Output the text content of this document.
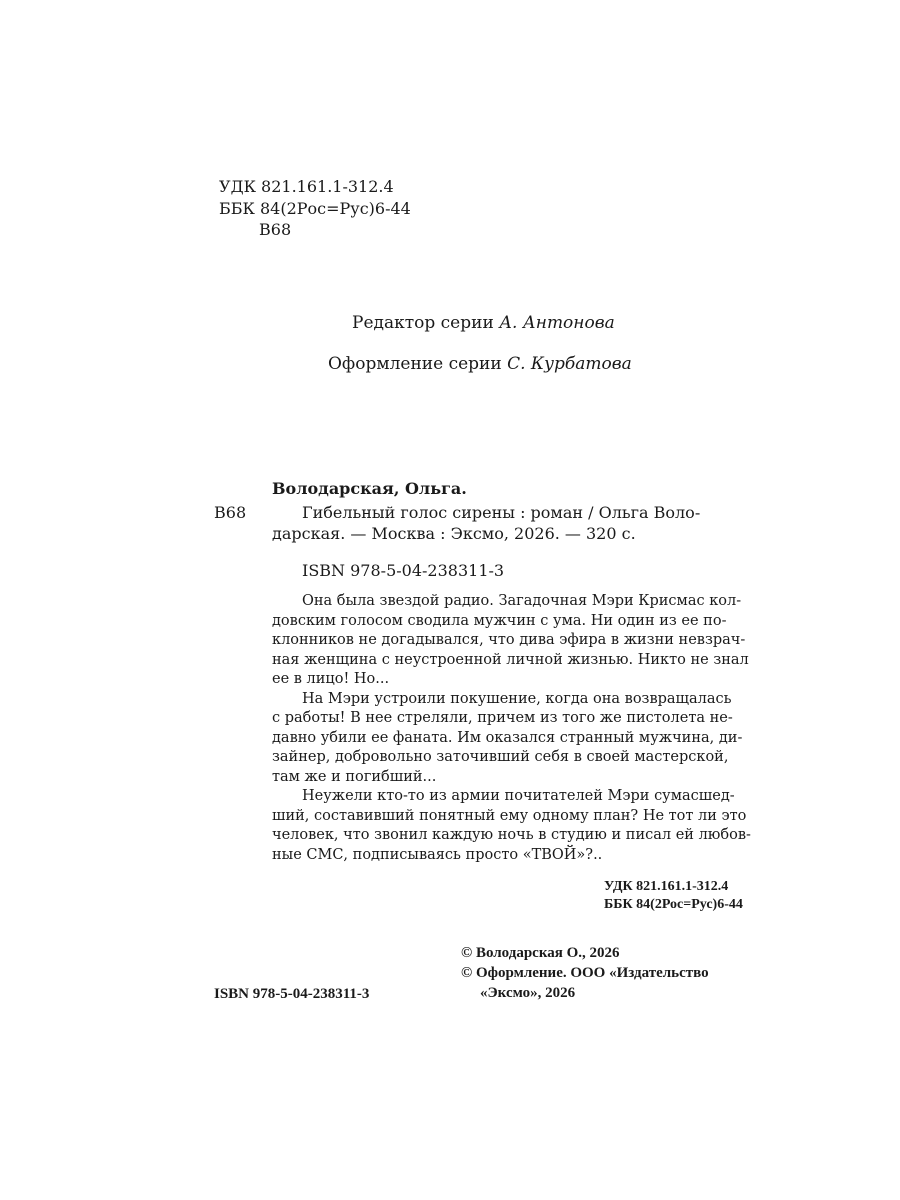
УДК 821.161.1-312.4
ББК 84(2Рос=Рус)6-44
В68
Редактор серии А. Антонова
Оформление серии С. Курбатова
Володарская, Ольга.
В68	Гибельный голос сирены : роман / Ольга Воло-
дарская. — Москва : Эксмо, 2026. — 320 с.
ISBN 978-5-04-238311-3
Она была звездой радио. Загадочная Мэри Крисмас кол-
довским голосом сводила мужчин с ума. Ни один из ее по-
клонников не догадывался, что дива эфира в жизни невзрач-
ная женщина с неустроенной личной жизнью. Никто не знал
ее в лицо! Но...
На Мэри устроили покушение, когда она возвращалась
с работы! В нее стреляли, причем из того же пистолета не-
давно убили ее фаната. Им оказался странный мужчина, ди-
зайнер, добровольно заточивший себя в своей мастерской,
там же и погибший...
Неужели кто-то из армии почитателей Мэри сумасшед-
ший, составивший понятный ему одному план? Не тот ли это
человек, что звонил каждую ночь в студию и писал ей любов-
ные СМС, подписываясь просто «ТВОЙ»?..
УДК 821.161.1-312.4
ББК 84(2Рос=Рус)6-44
ISBN 978-5-04-238311-3
© Володарская О., 2026
© Оформление. ООО «Издательство
«Эксмо», 2026
